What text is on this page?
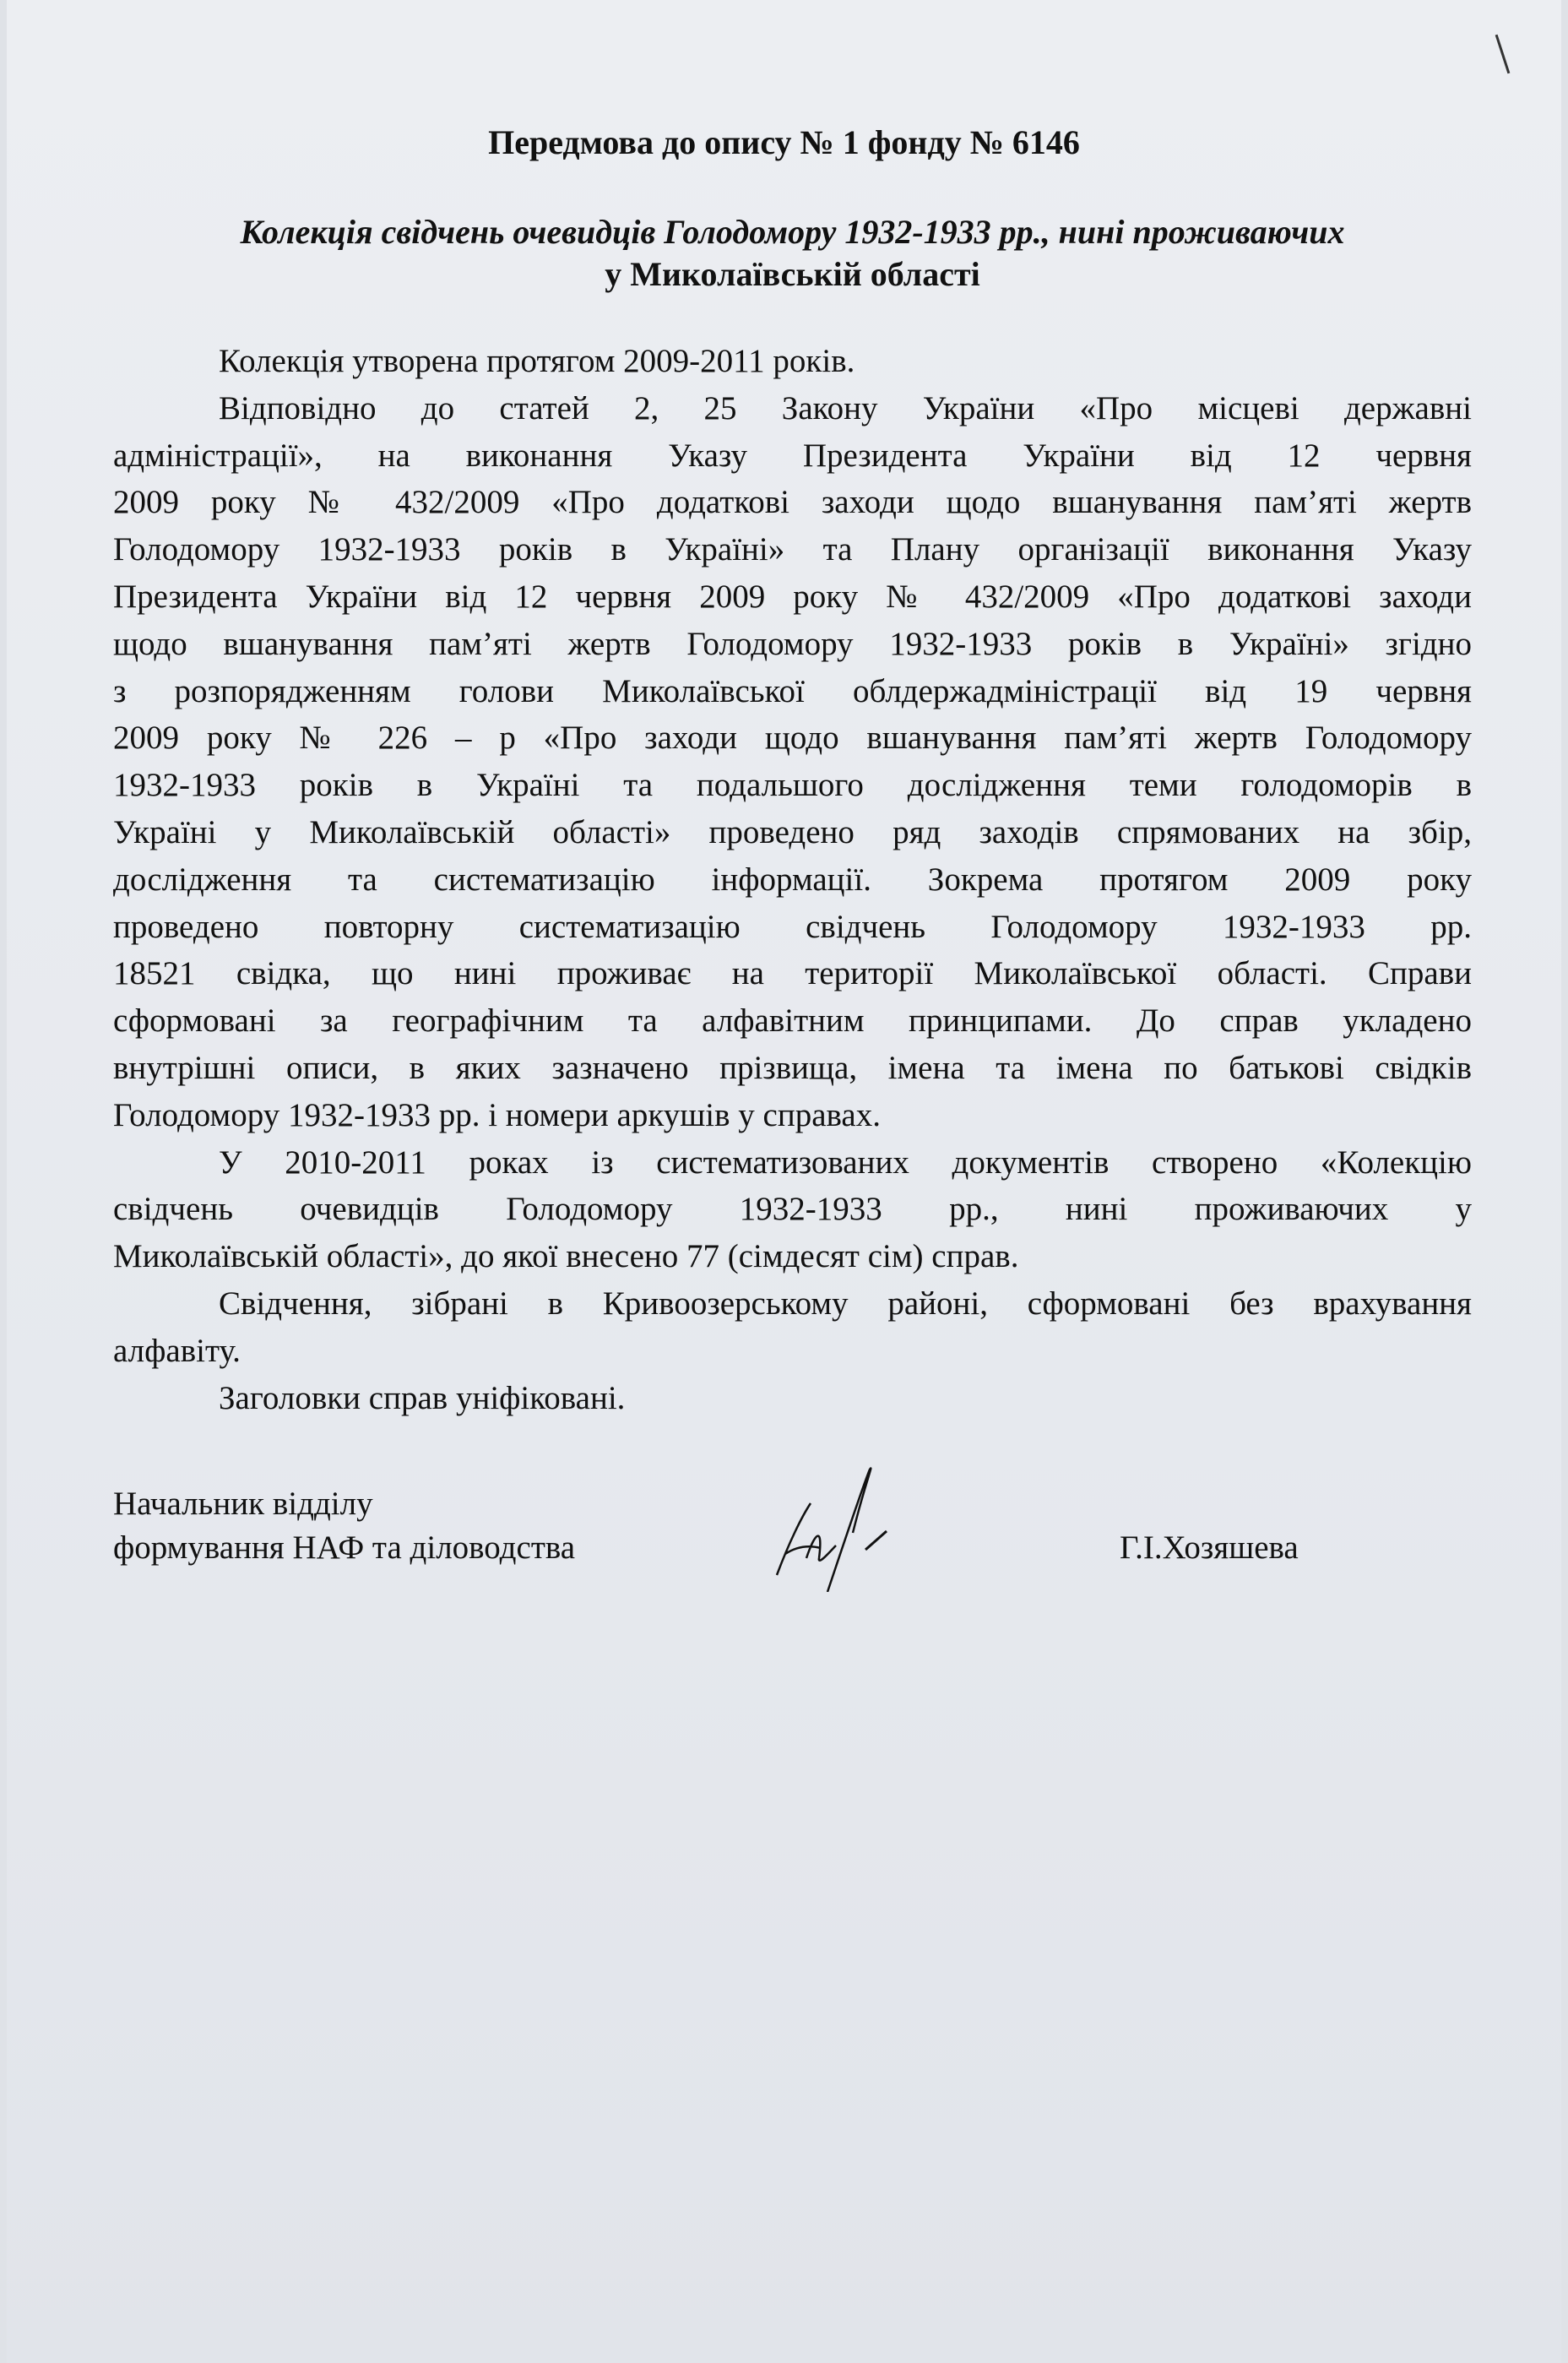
Передмова до опису № 1 фонду № 6146
Колекція свідчень очевидців Голодомору 1932-1933 рр., нині проживаючих
у Миколаївській області
Колекція утворена протягом 2009-2011 років.
Відповідно до статей 2, 25 Закону України «Про місцеві державні
адміністрації», на виконання Указу Президента України від 12 червня
2009 року № 432/2009 «Про додаткові заходи щодо вшанування пам’яті жертв
Голодомору 1932-1933 років в Україні» та Плану організації виконання Указу
Президента України від 12 червня 2009 року № 432/2009 «Про додаткові заходи
щодо вшанування пам’яті жертв Голодомору 1932-1933 років в Україні» згідно
з розпорядженням голови Миколаївської облдержадміністрації від 19 червня
2009 року № 226 – р «Про заходи щодо вшанування пам’яті жертв Голодомору
1932-1933 років в Україні та подальшого дослідження теми голодоморів в
Україні у Миколаївській області» проведено ряд заходів спрямованих на збір,
дослідження та систематизацію інформації. Зокрема протягом 2009 року
проведено повторну систематизацію свідчень Голодомору 1932-1933 рр.
18521 свідка, що нині проживає на території Миколаївської області. Справи
сформовані за географічним та алфавітним принципами. До справ укладено
внутрішні описи, в яких зазначено прізвища, імена та імена по батькові свідків
Голодомору 1932-1933 рр. і номери аркушів у справах.
У 2010-2011 роках із систематизованих документів створено «Колекцію
свідчень очевидців Голодомору 1932-1933 рр., нині проживаючих у
Миколаївській області», до якої внесено 77 (сімдесят сім) справ.
Свідчення, зібрані в Кривоозерському районі, сформовані без врахування
алфавіту.
Заголовки справ уніфіковані.
Начальник відділу
формування НАФ та діловодства	Г.І.Хозяшева
